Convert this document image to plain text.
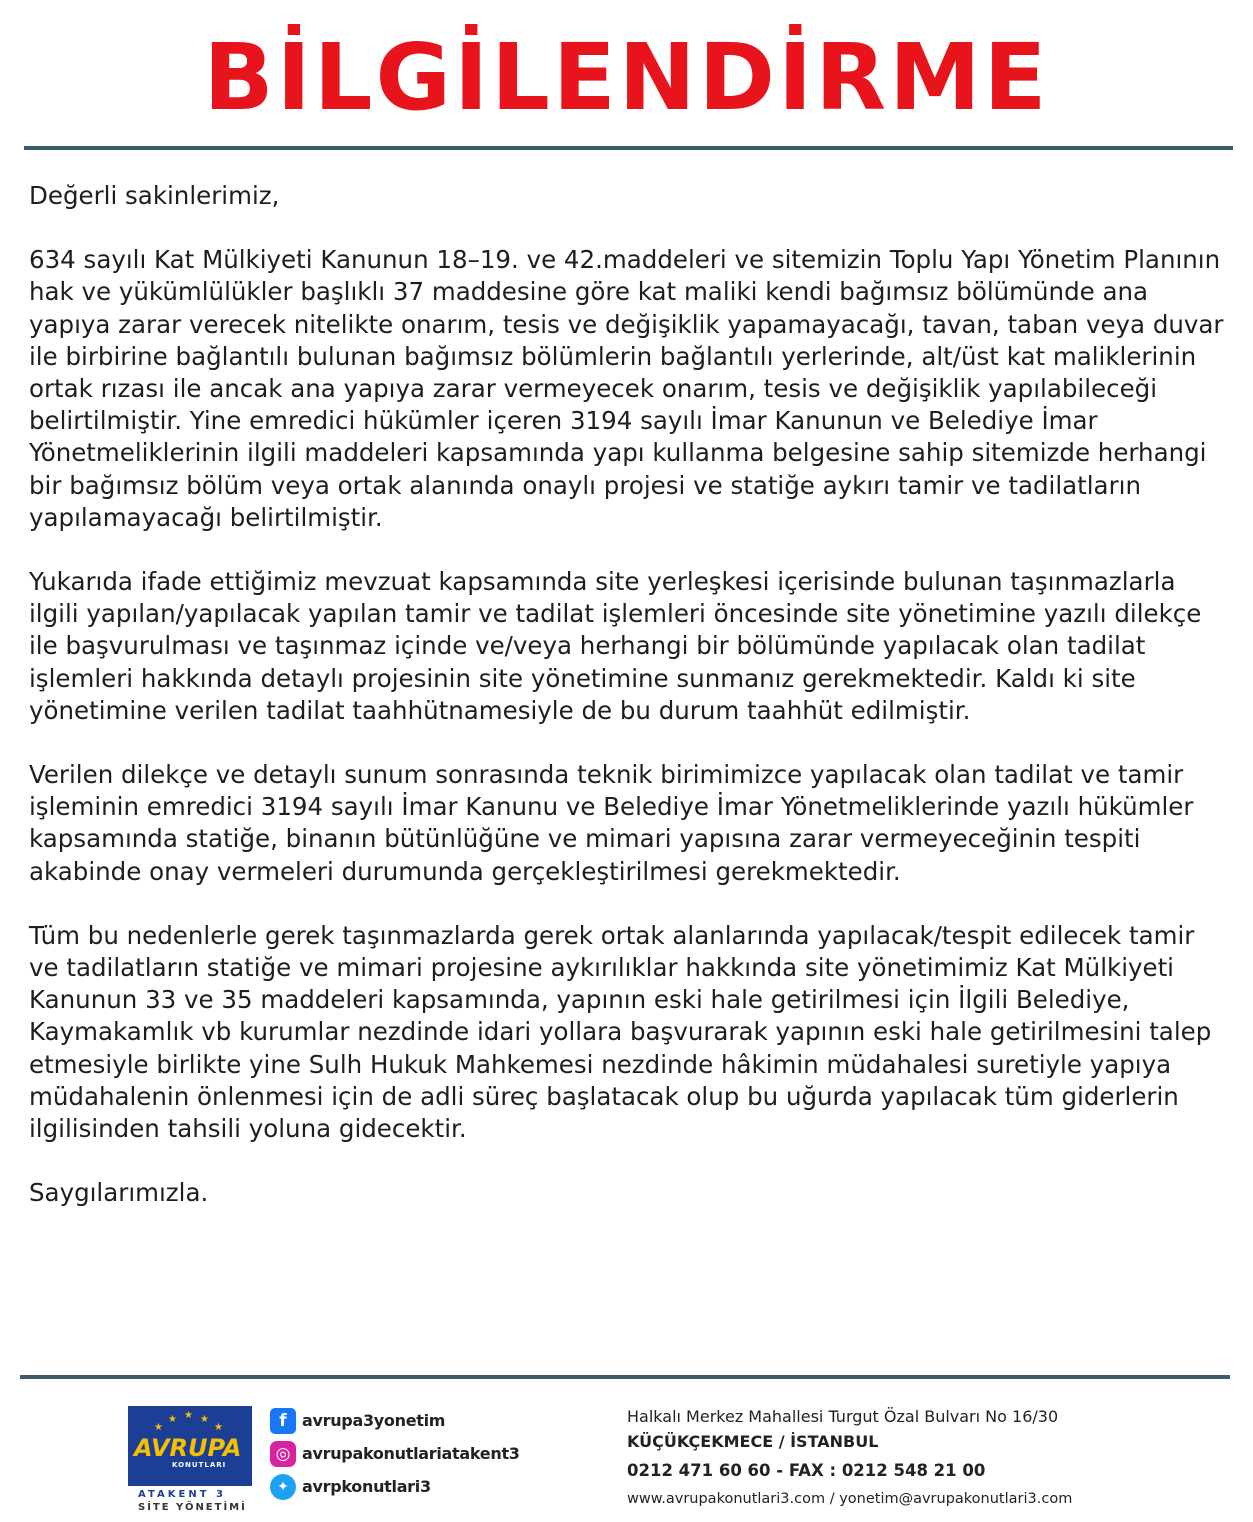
BİLGİLENDİRME

Değerli sakinlerimiz,

634 sayılı Kat Mülkiyeti Kanunun 18–19. ve 42.maddeleri ve sitemizin Toplu Yapı Yönetim Planının hak ve yükümlülükler başlıklı 37 maddesine göre kat maliki kendi bağımsız bölümünde ana yapıya zarar verecek nitelikte onarım, tesis ve değişiklik yapamayacağı, tavan, taban veya duvar ile birbirine bağlantılı bulunan bağımsız bölümlerin bağlantılı yerlerinde, alt/üst kat maliklerinin ortak rızası ile ancak ana yapıya zarar vermeyecek onarım, tesis ve değişiklik yapılabileceği belirtilmiştir. Yine emredici hükümler içeren 3194 sayılı İmar Kanunun ve Belediye İmar Yönetmeliklerinin ilgili maddeleri kapsamında yapı kullanma belgesine sahip sitemizde herhangi bir bağımsız bölüm veya ortak alanında onaylı projesi ve statiğe aykırı tamir ve tadilatların yapılamayacağı belirtilmiştir.

Yukarıda ifade ettiğimiz mevzuat kapsamında site yerleşkesi içerisinde bulunan taşınmazlarla ilgili yapılan/yapılacak yapılan tamir ve tadilat işlemleri öncesinde site yönetimine yazılı dilekçe ile başvurulması ve taşınmaz içinde ve/veya herhangi bir bölümünde yapılacak olan tadilat işlemleri hakkında detaylı projesinin site yönetimine sunmanız gerekmektedir. Kaldı ki site yönetimine verilen tadilat taahhütnamesiyle de bu durum taahhüt edilmiştir.

Verilen dilekçe ve detaylı sunum sonrasında teknik birimimizce yapılacak olan tadilat ve tamir işleminin emredici 3194 sayılı İmar Kanunu ve Belediye İmar Yönetmeliklerinde yazılı hükümler kapsamında statiğe, binanın bütünlüğüne ve mimari yapısına zarar vermeyeceğinin tespiti akabinde onay vermeleri durumunda gerçekleştirilmesi gerekmektedir.

Tüm bu nedenlerle gerek taşınmazlarda gerek ortak alanlarında yapılacak/tespit edilecek tamir ve tadilatların statiğe ve mimari projesine aykırılıklar hakkında site yönetimimiz Kat Mülkiyeti Kanunun 33 ve 35 maddeleri kapsamında, yapının eski hale getirilmesi için İlgili Belediye, Kaymakamlık vb kurumlar nezdinde idari yollara başvurarak yapının eski hale getirilmesini talep etmesiyle birlikte yine Sulh Hukuk Mahkemesi nezdinde hâkimin müdahalesi suretiyle yapıya müdahalenin önlenmesi için de adli süreç başlatacak olup bu uğurda yapılacak tüm giderlerin ilgilisinden tahsili yoluna gidecektir.

Saygılarımızla.

★ ★ ★
★
★
AVRUPA
KONUTLARI
ATAKENT 3
SİTE YÖNETİMİ
f avrupa3yonetim
◎ avrupakonutlariatakent3
✦ avrpkonutlari3
Halkalı Merkez Mahallesi Turgut Özal Bulvarı No 16/30
KÜÇÜKÇEKMECE / İSTANBUL
0212 471 60 60 - FAX : 0212 548 21 00
www.avrupakonutlari3.com / yonetim@avrupakonutlari3.com
